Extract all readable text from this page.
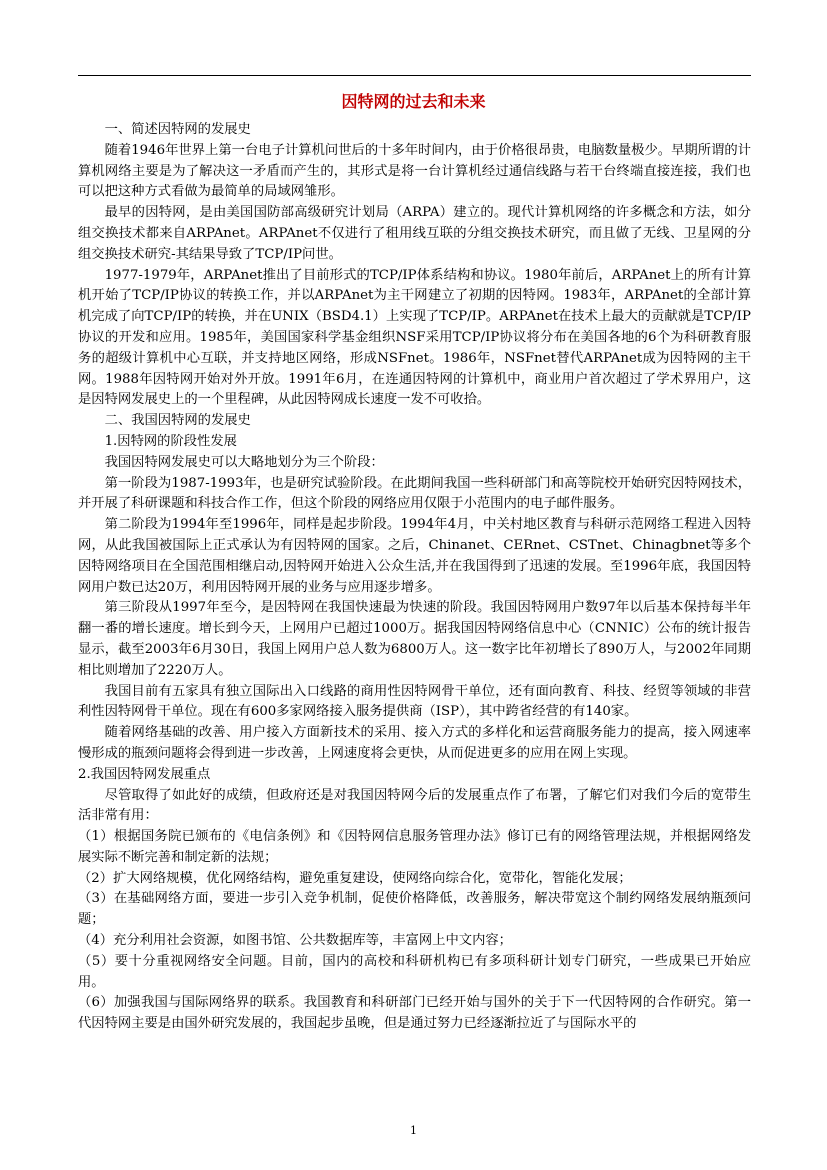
因特网的过去和未来

一、简述因特网的发展史

随着1946年世界上第一台电子计算机问世后的十多年时间内，由于价格很昂贵，电脑数量极少。早期所谓的计算机网络主要是为了解决这一矛盾而产生的，其形式是将一台计算机经过通信线路与若干台终端直接连接，我们也可以把这种方式看做为最简单的局域网雏形。

最早的因特网，是由美国国防部高级研究计划局（ARPA）建立的。现代计算机网络的许多概念和方法，如分组交换技术都来自ARPAnet。ARPAnet不仅进行了租用线互联的分组交换技术研究，而且做了无线、卫星网的分组交换技术研究-其结果导致了TCP/IP问世。

1977-1979年，ARPAnet推出了目前形式的TCP/IP体系结构和协议。1980年前后，ARPAnet上的所有计算机开始了TCP/IP协议的转换工作，并以ARPAnet为主干网建立了初期的因特网。1983年，ARPAnet的全部计算机完成了向TCP/IP的转换，并在UNIX（BSD4.1）上实现了TCP/IP。ARPAnet在技术上最大的贡献就是TCP/IP协议的开发和应用。1985年，美国国家科学基金组织NSF采用TCP/IP协议将分布在美国各地的6个为科研教育服务的超级计算机中心互联，并支持地区网络，形成NSFnet。1986年，NSFnet替代ARPAnet成为因特网的主干网。1988年因特网开始对外开放。1991年6月，在连通因特网的计算机中，商业用户首次超过了学术界用户，这是因特网发展史上的一个里程碑，从此因特网成长速度一发不可收拾。

二、我国因特网的发展史

1.因特网的阶段性发展

我国因特网发展史可以大略地划分为三个阶段：

第一阶段为1987-1993年，也是研究试验阶段。在此期间我国一些科研部门和高等院校开始研究因特网技术，并开展了科研课题和科技合作工作，但这个阶段的网络应用仅限于小范围内的电子邮件服务。

第二阶段为1994年至1996年，同样是起步阶段。1994年4月，中关村地区教育与科研示范网络工程进入因特网，从此我国被国际上正式承认为有因特网的国家。之后，Chinanet、CERnet、CSTnet、Chinagbnet等多个因特网络项目在全国范围相继启动,因特网开始进入公众生活,并在我国得到了迅速的发展。至1996年底，我国因特网用户数已达20万，利用因特网开展的业务与应用逐步增多。

第三阶段从1997年至今，是因特网在我国快速最为快速的阶段。我国因特网用户数97年以后基本保持每半年翻一番的增长速度。增长到今天，上网用户已超过1000万。据我国因特网络信息中心（CNNIC）公布的统计报告显示，截至2003年6月30日，我国上网用户总人数为6800万人。这一数字比年初增长了890万人，与2002年同期相比则增加了2220万人。

我国目前有五家具有独立国际出入口线路的商用性因特网骨干单位，还有面向教育、科技、经贸等领域的非营利性因特网骨干单位。现在有600多家网络接入服务提供商（ISP），其中跨省经营的有140家。

随着网络基础的改善、用户接入方面新技术的采用、接入方式的多样化和运营商服务能力的提高，接入网速率慢形成的瓶颈问题将会得到进一步改善，上网速度将会更快，从而促进更多的应用在网上实现。

2.我国因特网发展重点

尽管取得了如此好的成绩，但政府还是对我国因特网今后的发展重点作了布署，了解它们对我们今后的宽带生活非常有用：

（1）根据国务院已颁布的《电信条例》和《因特网信息服务管理办法》修订已有的网络管理法规，并根据网络发展实际不断完善和制定新的法规；

（2）扩大网络规模，优化网络结构，避免重复建设，使网络向综合化，宽带化，智能化发展；

（3）在基础网络方面，要进一步引入竞争机制，促使价格降低，改善服务，解决带宽这个制约网络发展纳瓶颈问题；

（4）充分利用社会资源，如图书馆、公共数据库等，丰富网上中文内容；

（5）要十分重视网络安全问题。目前，国内的高校和科研机构已有多项科研计划专门研究，一些成果已开始应用。

（6）加强我国与国际网络界的联系。我国教育和科研部门已经开始与国外的关于下一代因特网的合作研究。第一代因特网主要是由国外研究发展的，我国起步虽晚，但是通过努力已经逐渐拉近了与国际水平的

1
